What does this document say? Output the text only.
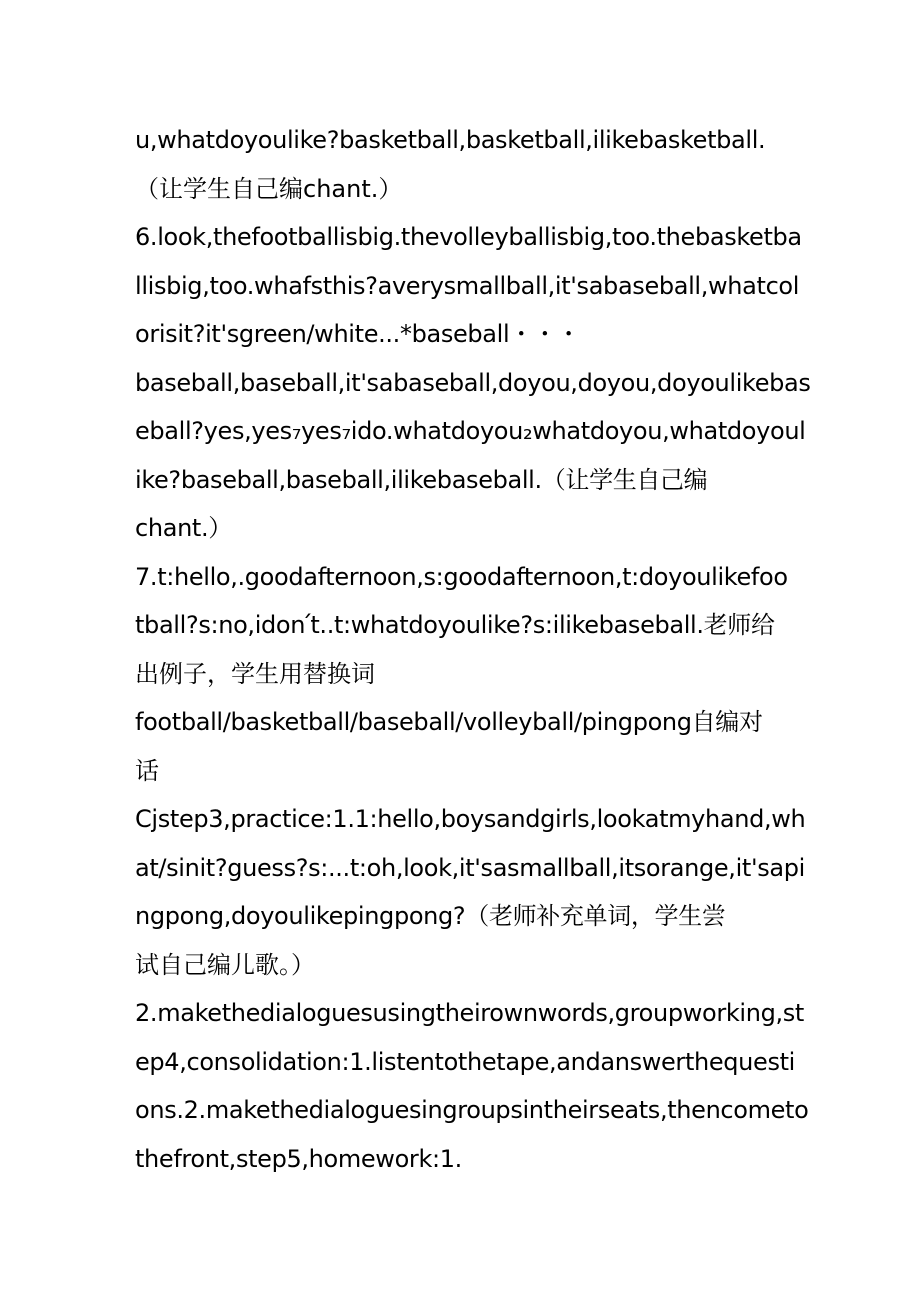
u,whatdoyoulike?basketball,basketball,ilikebasketball.
（让学生自己编chant.）
6.look,thefootballisbig.thevolleyballisbig,too.thebasketba
llisbig,too.whafsthis?averysmallball,it'sabaseball,whatcol
orisit?it'sgreen/white...*baseball・・・
baseball,baseball,it'sabaseball,doyou,doyou,doyoulikebas
eball?yes,yes₇yes₇ido.whatdoyou₂whatdoyou,whatdoyoul
ike?baseball,baseball,ilikebaseball.（让学生自己编
chant.）
7.t:hello,.goodafternoon,s:goodafternoon,t:doyoulikefoo
tball?s:no,idon՛t..t:whatdoyoulike?s:ilikebaseball.老师给
出例子，学生用替换词
football/basketball/baseball/volleyball/pingpong自编对
话
Cjstep3,practice:1.1:hello,boysandgirls,lookatmyhand,wh
at/sinit?guess?s:...t:oh,look,it'sasmallball,itsorange,it'sapi
ngpong,doyoulikepingpong?（老师补充单词，学生尝
试自己编儿歌。）
2.makethedialoguesusingtheirownwords,groupworking,st
ep4,consolidation:1.listentothetape,andanswerthequesti
ons.2.makethedialoguesingroupsintheirseats,thencometo
thefront,step5,homework:1.
